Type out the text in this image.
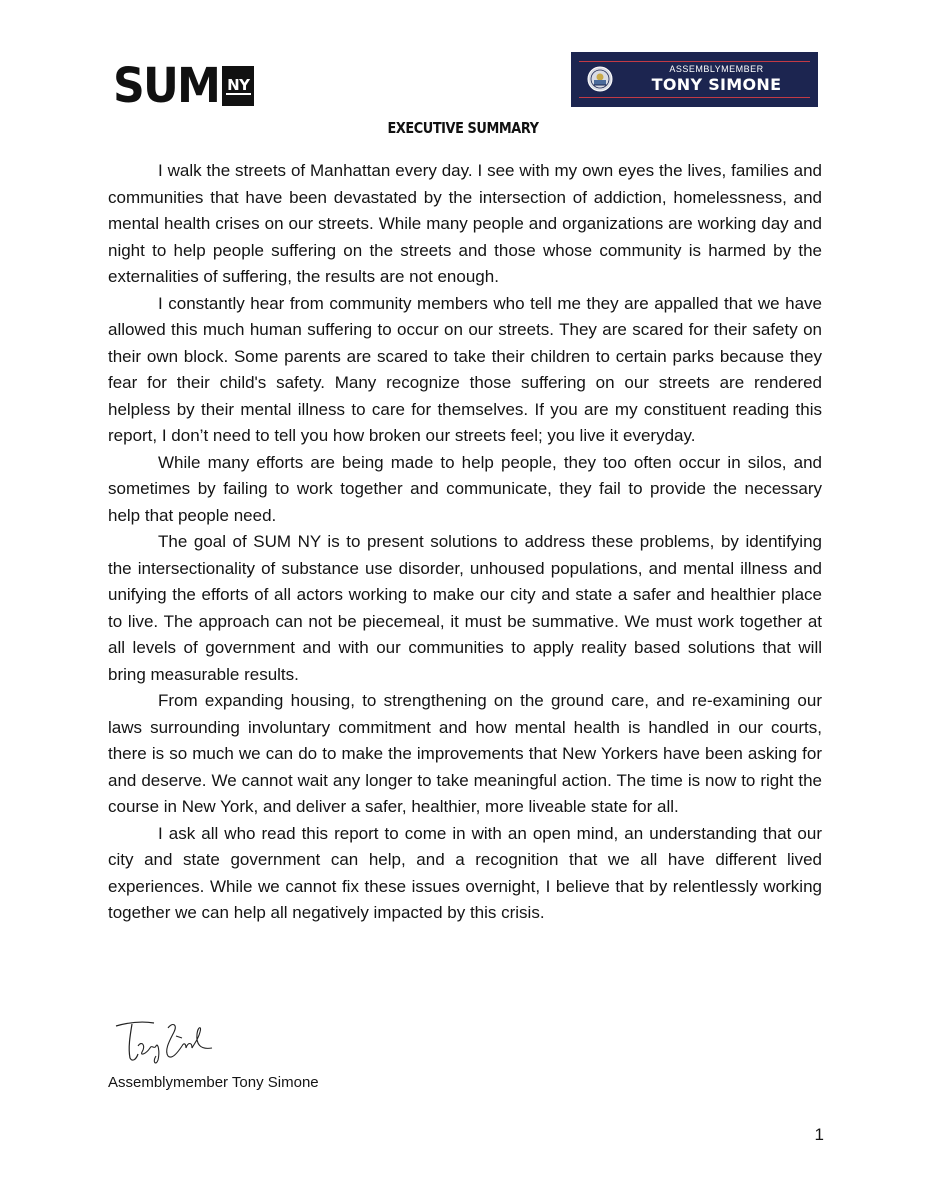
SUM NY
ASSEMBLYMEMBER
TONY SIMONE
EXECUTIVE SUMMARY

I walk the streets of Manhattan every day. I see with my own eyes the lives, families and communities that have been devastated by the intersection of addiction, homelessness, and mental health crises on our streets. While many people and organizations are working day and night to help people suffering on the streets and those whose community is harmed by the externalities of suffering, the results are not enough.

I constantly hear from community members who tell me they are appalled that we have allowed this much human suffering to occur on our streets. They are scared for their safety on their own block. Some parents are scared to take their children to certain parks because they fear for their child's safety. Many recognize those suffering on our streets are rendered helpless by their mental illness to care for themselves. If you are my constituent reading this report, I don’t need to tell you how broken our streets feel; you live it everyday.

While many efforts are being made to help people, they too often occur in silos, and sometimes by failing to work together and communicate, they fail to provide the necessary help that people need.

The goal of SUM NY is to present solutions to address these problems, by identifying the intersectionality of substance use disorder, unhoused populations, and mental illness and unifying the efforts of all actors working to make our city and state a safer and healthier place to live. The approach can not be piecemeal, it must be summative. We must work together at all levels of government and with our communities to apply reality based solutions that will bring measurable results.

From expanding housing, to strengthening on the ground care, and re-examining our laws surrounding involuntary commitment and how mental health is handled in our courts, there is so much we can do to make the improvements that New Yorkers have been asking for and deserve. We cannot wait any longer to take meaningful action. The time is now to right the course in New York, and deliver a safer, healthier, more liveable state for all.

I ask all who read this report to come in with an open mind, an understanding that our city and state government can help, and a recognition that we all have different lived experiences. While we cannot fix these issues overnight, I believe that by relentlessly working together we can help all negatively impacted by this crisis.

Assemblymember Tony Simone
1
